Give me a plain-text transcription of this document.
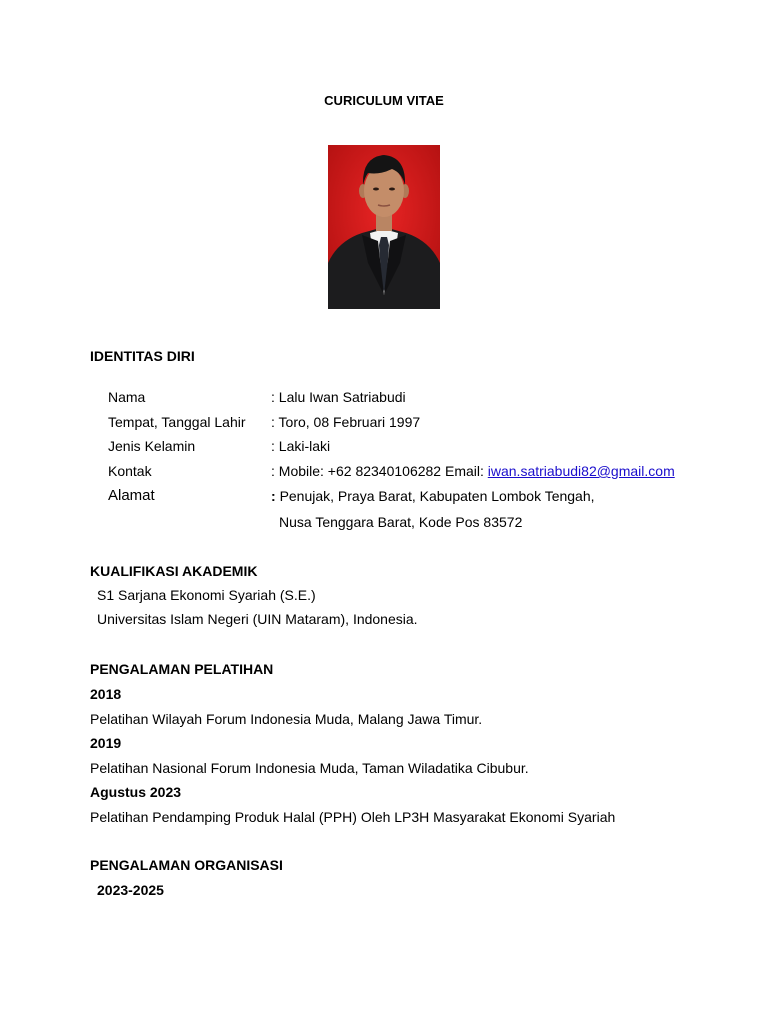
CURICULUM VITAE
IDENTITAS DIRI
Nama	: Lalu Iwan Satriabudi
Tempat, Tanggal Lahir : Toro, 08 Februari 1997
Jenis Kelamin	: Laki-laki
Kontak	: Mobile: +62 82340106282 Email: iwan.satriabudi82@gmail.com
Alamat	: Penujak, Praya Barat, Kabupaten Lombok Tengah,
Nusa Tenggara Barat, Kode Pos 83572
KUALIFIKASI AKADEMIK
S1 Sarjana Ekonomi Syariah (S.E.)
Universitas Islam Negeri (UIN Mataram), Indonesia.
PENGALAMAN PELATIHAN
2018
Pelatihan Wilayah Forum Indonesia Muda, Malang Jawa Timur.
2019
Pelatihan Nasional Forum Indonesia Muda, Taman Wiladatika Cibubur.
Agustus 2023
Pelatihan Pendamping Produk Halal (PPH) Oleh LP3H Masyarakat Ekonomi Syariah
PENGALAMAN ORGANISASI
2023-2025
